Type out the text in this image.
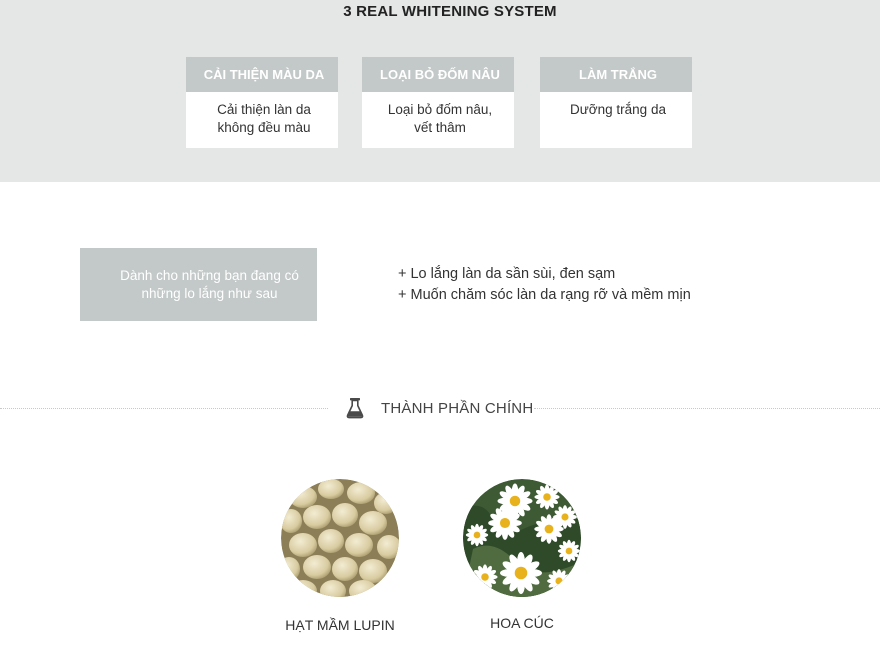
3 REAL WHITENING SYSTEM
CẢI THIỆN MÀU DA
Cải thiện làn da
không đều màu
LOẠI BỎ ĐỐM NÂU
Loại bỏ đốm nâu,
vết thâm
LÀM TRẮNG
Dưỡng trắng da
Dành cho những bạn đang có
những lo lắng như sau
+ Lo lắng làn da sần sùi, đen sạm
+ Muốn chăm sóc làn da rạng rỡ và mềm mịn
THÀNH PHẦN CHÍNH
HẠT MẦM LUPIN	HOA CÚC
